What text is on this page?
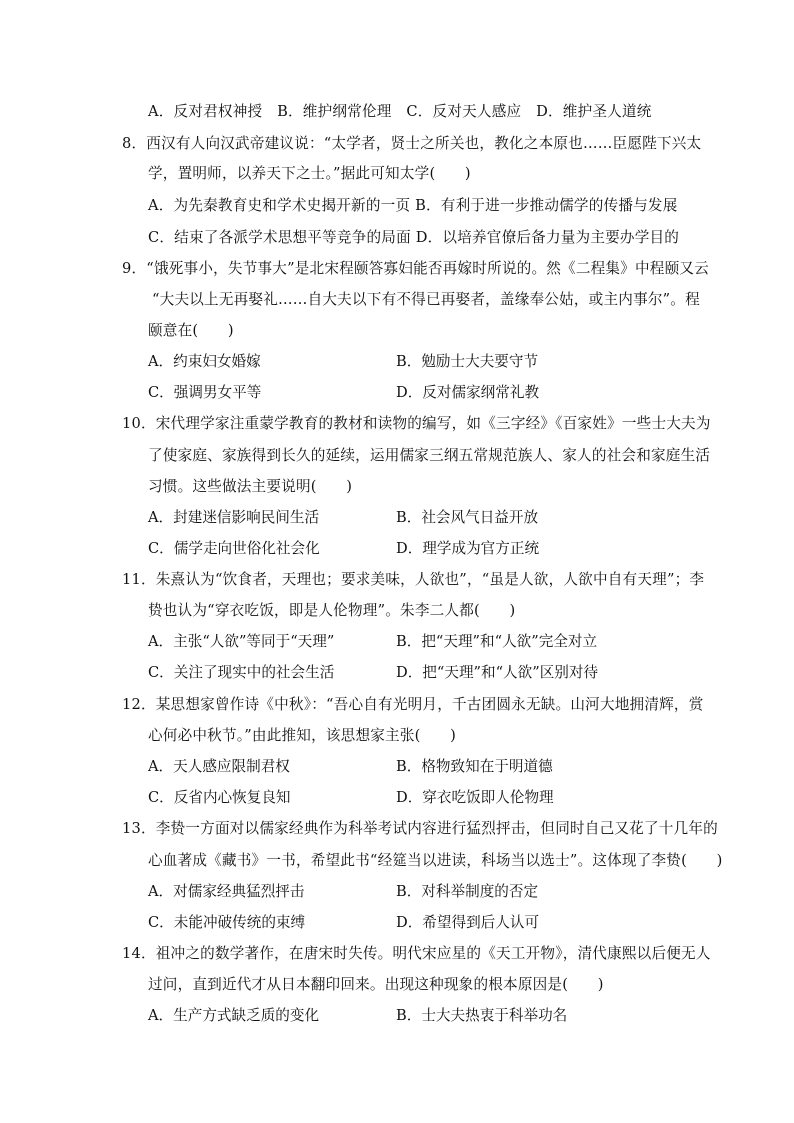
A．反对君权神授　B．维护纲常伦理　C．反对天人感应　D．维护圣人道统
8．西汉有人向汉武帝建议说：“太学者，贤士之所关也，教化之本原也……臣愿陛下兴太
学，置明师，以养天下之士。”据此可知太学(　　)
A．为先秦教育史和学术史揭开新的一页 B．有利于进一步推动儒学的传播与发展
C．结束了各派学术思想平等竞争的局面 D．以培养官僚后备力量为主要办学目的
9．“饿死事小，失节事大”是北宋程颐答寡妇能否再嫁时所说的。然《二程集》中程颐又云
“大夫以上无再娶礼……自大夫以下有不得已再娶者，盖缘奉公姑，或主内事尔”。程
颐意在(　　)
A．约束妇女婚嫁	B．勉励士大夫要守节
C．强调男女平等	D．反对儒家纲常礼教
10．宋代理学家注重蒙学教育的教材和读物的编写，如《三字经》《百家姓》一些士大夫为
了使家庭、家族得到长久的延续，运用儒家三纲五常规范族人、家人的社会和家庭生活
习惯。这些做法主要说明(　　)
A．封建迷信影响民间生活	B．社会风气日益开放
C．儒学走向世俗化社会化	D．理学成为官方正统
11．朱熹认为“饮食者，天理也；要求美味，人欲也”，“虽是人欲，人欲中自有天理”；李
贽也认为“穿衣吃饭，即是人伦物理”。朱李二人都(　　)
A．主张“人欲”等同于“天理”	B．把“天理”和“人欲”完全对立
C．关注了现实中的社会生活	D．把“天理”和“人欲”区别对待
12．某思想家曾作诗《中秋》：“吾心自有光明月，千古团圆永无缺。山河大地拥清辉，赏
心何必中秋节。”由此推知，该思想家主张(　　)
A．天人感应限制君权	B．格物致知在于明道德
C．反省内心恢复良知	D．穿衣吃饭即人伦物理
13．李贽一方面对以儒家经典作为科举考试内容进行猛烈抨击，但同时自己又花了十几年的
心血著成《藏书》一书，希望此书“经筵当以进读，科场当以选士”。这体现了李贽(　　)
A．对儒家经典猛烈抨击	B．对科举制度的否定
C．未能冲破传统的束缚	D．希望得到后人认可
14．祖冲之的数学著作，在唐宋时失传。明代宋应星的《天工开物》，清代康熙以后便无人
过问，直到近代才从日本翻印回来。出现这种现象的根本原因是(　　)
A．生产方式缺乏质的变化	B．士大夫热衷于科举功名
